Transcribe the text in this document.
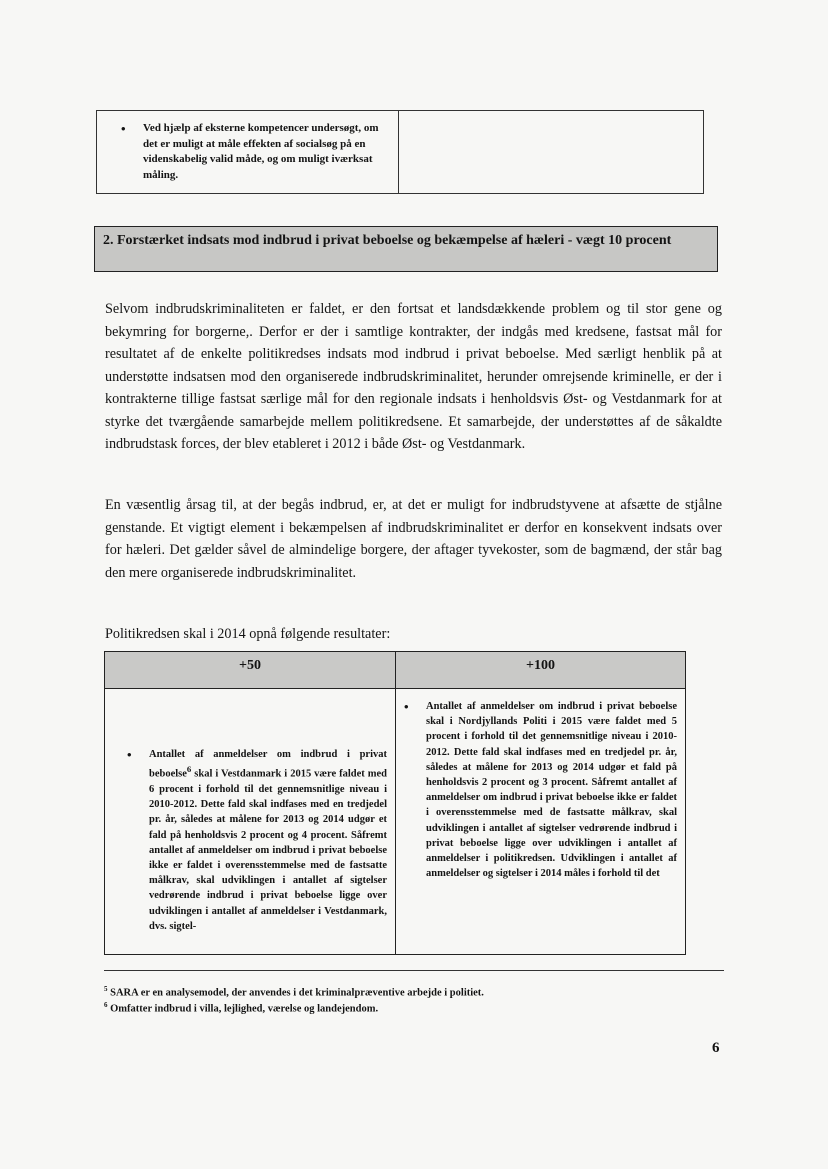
• Ved hjælp af eksterne kompetencer undersøgt, om det er muligt at måle effekten af socialsøg på en videnskabelig valid måde, og om muligt iværksat måling.
2. Forstærket indsats mod indbrud i privat beboelse og bekæmpelse af hæleri - vægt 10 procent

Selvom indbrudskriminaliteten er faldet, er den fortsat et landsdækkende problem og til stor gene og bekymring for borgerne,. Derfor er der i samtlige kontrakter, der indgås med kredsene, fastsat mål for resultatet af de enkelte politikredses indsats mod indbrud i privat beboelse. Med særligt henblik på at understøtte indsatsen mod den organiserede indbrudskriminalitet, herunder omrejsende kriminelle, er der i kontrakterne tillige fastsat særlige mål for den regionale indsats i henholdsvis Øst- og Vestdanmark for at styrke det tværgående samarbejde mellem politikredsene. Et samarbejde, der understøttes af de såkaldte indbrudstask forces, der blev etableret i 2012 i både Øst- og Vestdanmark.

En væsentlig årsag til, at der begås indbrud, er, at det er muligt for indbrudstyvene at afsætte de stjålne genstande. Et vigtigt element i bekæmpelsen af indbrudskriminalitet er derfor en konsekvent indsats over for hæleri. Det gælder såvel de almindelige borgere, der aftager tyvekoster, som de bagmænd, der står bag den mere organiserede indbrudskriminalitet.

Politikredsen skal i 2014 opnå følgende resultater:

+50
• Antallet af anmeldelser om indbrud i privat beboelse$^6$ skal i Vestdanmark i 2015 være faldet med 6 procent i forhold til det gennemsnitlige niveau i 2010-2012. Dette fald skal indfases med en tredjedel pr. år, således at målene for 2013 og 2014 udgør et fald på henholdsvis 2 procent og 4 procent. Såfremt antallet af anmeldelser om indbrud i privat beboelse ikke er faldet i overensstemmelse med de fastsatte målkrav, skal udviklingen i antallet af sigtelser vedrørende indbrud i privat beboelse ligge over udviklingen i antallet af anmeldelser i Vestdanmark, dvs. sigtel-
+100
• Antallet af anmeldelser om indbrud i privat beboelse skal i Nordjyllands Politi i 2015 være faldet med 5 procent i forhold til det gennemsnitlige niveau i 2010-2012. Dette fald skal indfases med en tredjedel pr. år, således at målene for 2013 og 2014 udgør et fald på henholdsvis 2 procent og 3 procent. Såfremt antallet af anmeldelser om indbrud i privat beboelse ikke er faldet i overensstemmelse med de fastsatte målkrav, skal udviklingen i antallet af sigtelser vedrørende indbrud i privat beboelse ligge over udviklingen i antallet af anmeldelser i politikredsen. Udviklingen i antallet af anmeldelser og sigtelser i 2014 måles i forhold til det

$^5$ SARA er en analysemodel, der anvendes i det kriminalpræventive arbejde i politiet.

$^6$ Omfatter indbrud i villa, lejlighed, værelse og landejendom.

6
